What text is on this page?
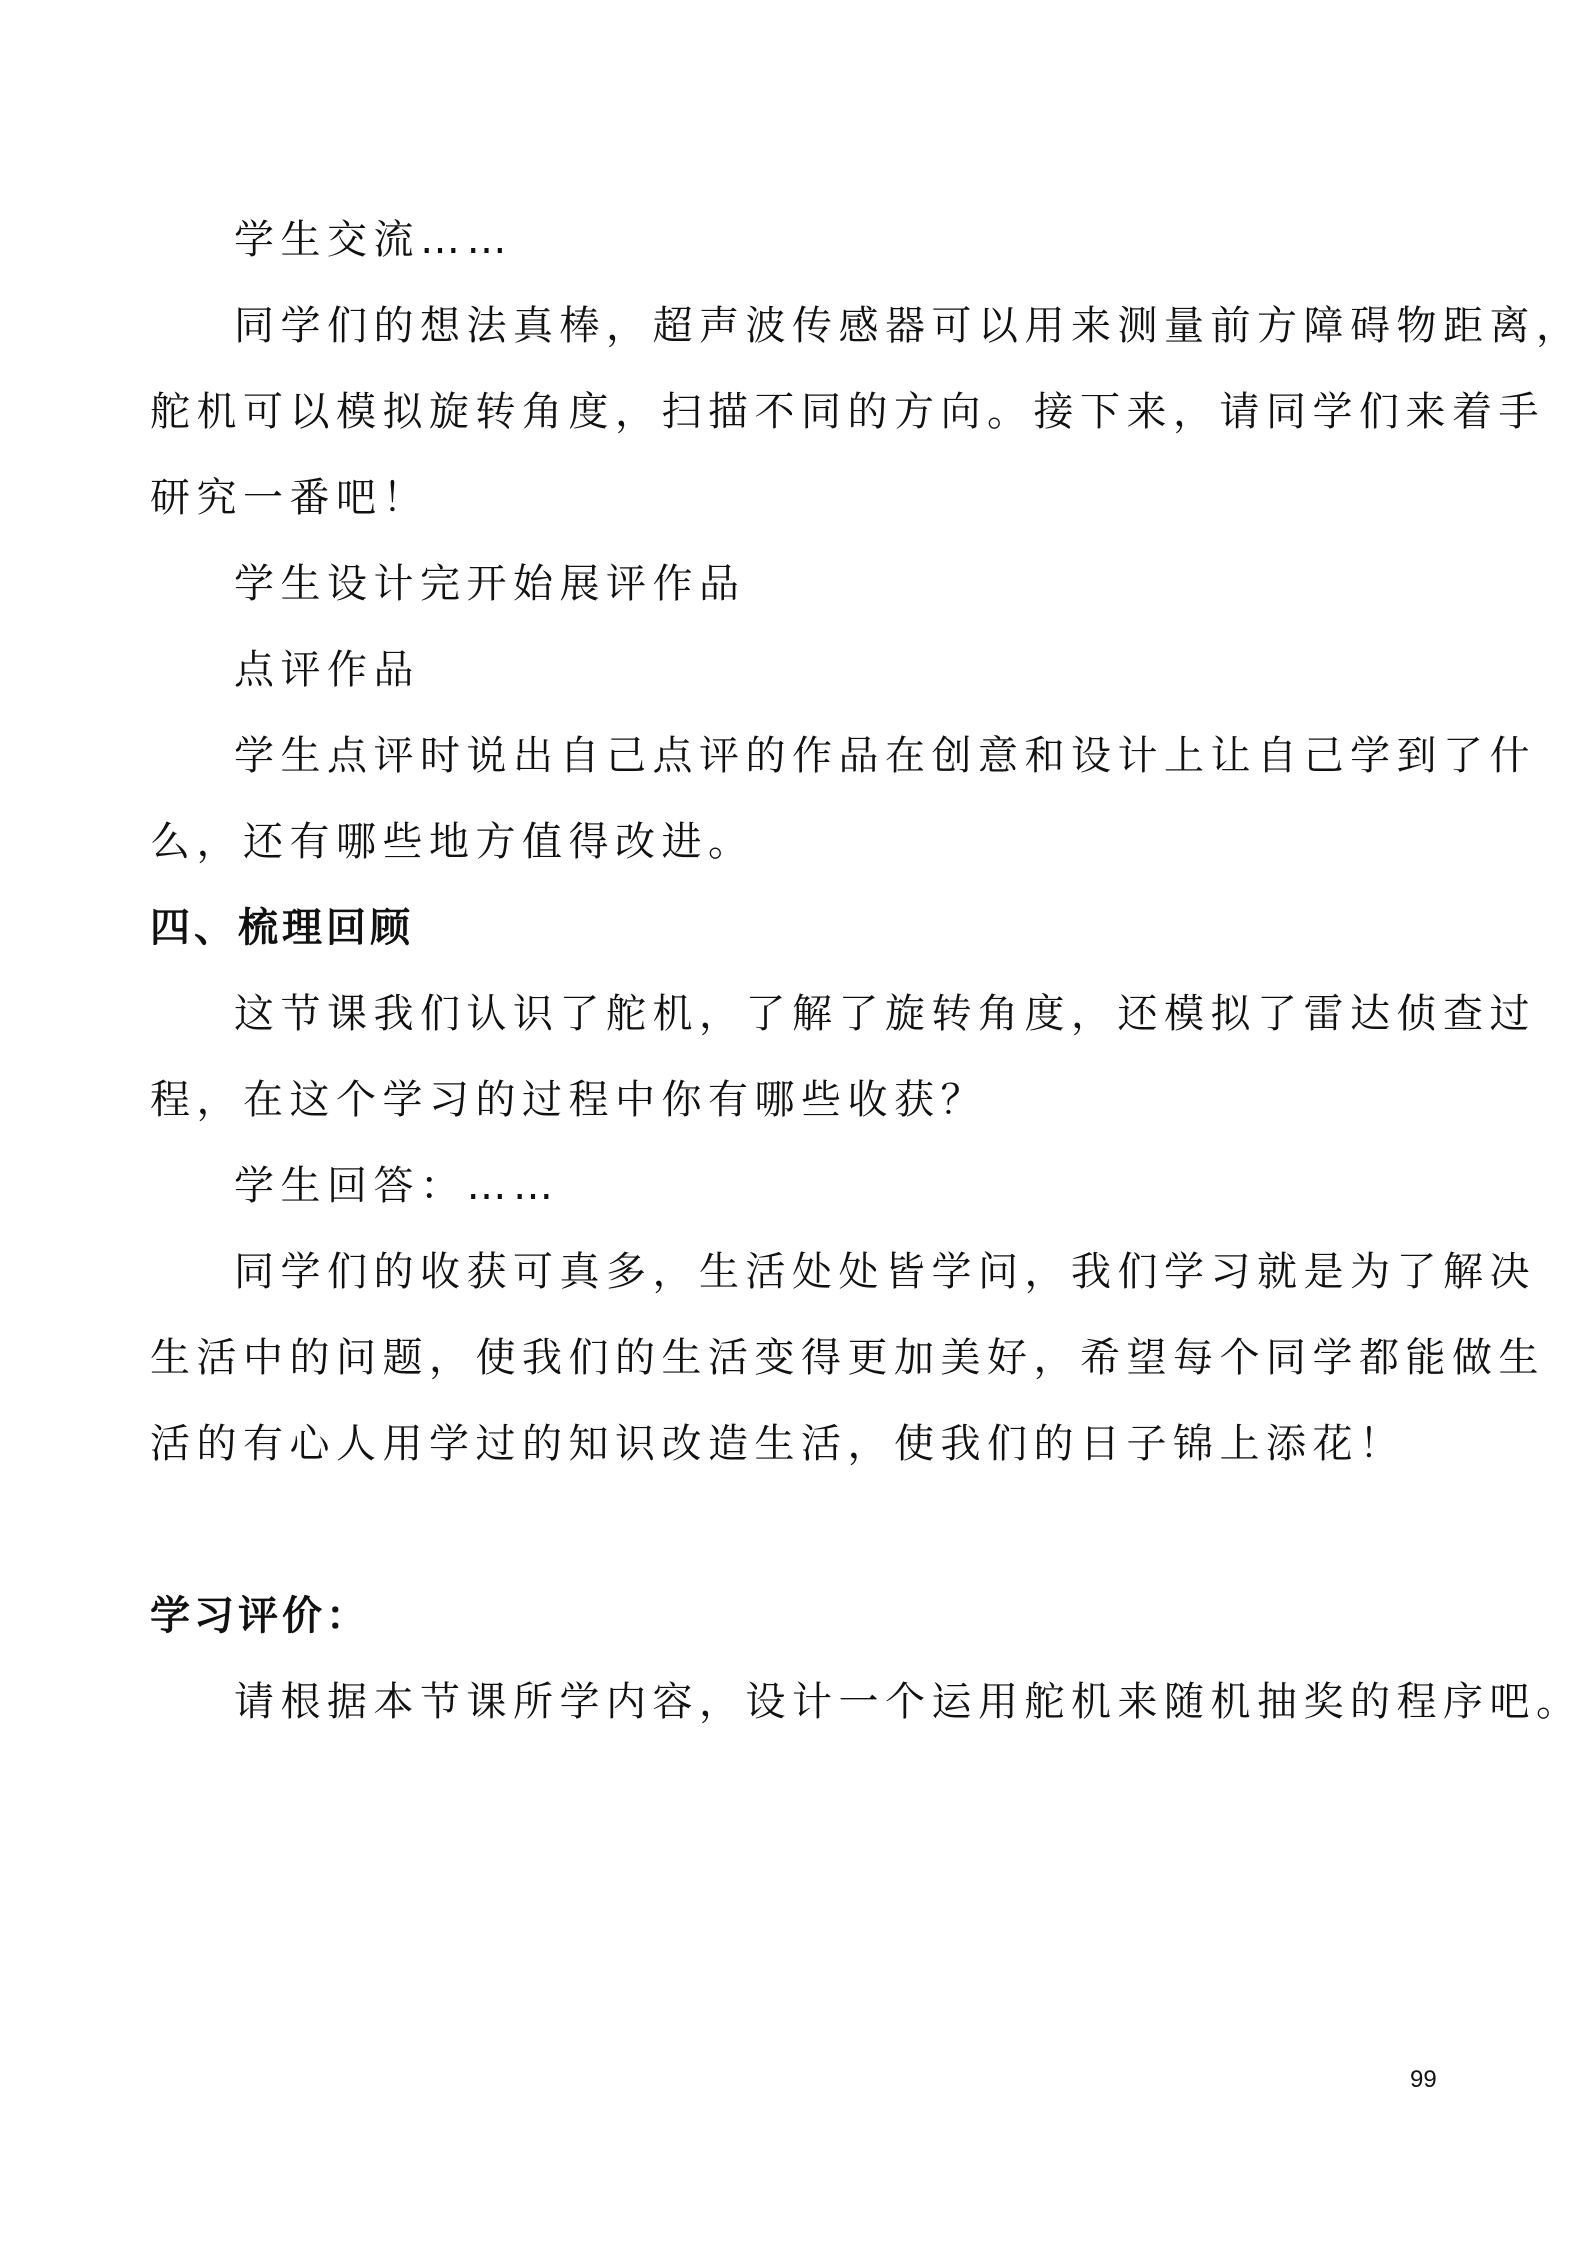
学生交流……
同学们的想法真棒，超声波传感器可以用来测量前方障碍物距离，
舵机可以模拟旋转角度，扫描不同的方向。接下来，请同学们来着手
研究一番吧！
学生设计完开始展评作品
点评作品
学生点评时说出自己点评的作品在创意和设计上让自己学到了什
么，还有哪些地方值得改进。
四、梳理回顾
这节课我们认识了舵机，了解了旋转角度，还模拟了雷达侦查过
程，在这个学习的过程中你有哪些收获？
学生回答：……
同学们的收获可真多，生活处处皆学问，我们学习就是为了解决
生活中的问题，使我们的生活变得更加美好，希望每个同学都能做生
活的有心人用学过的知识改造生活，使我们的日子锦上添花！
学习评价：
请根据本节课所学内容，设计一个运用舵机来随机抽奖的程序吧。
99
